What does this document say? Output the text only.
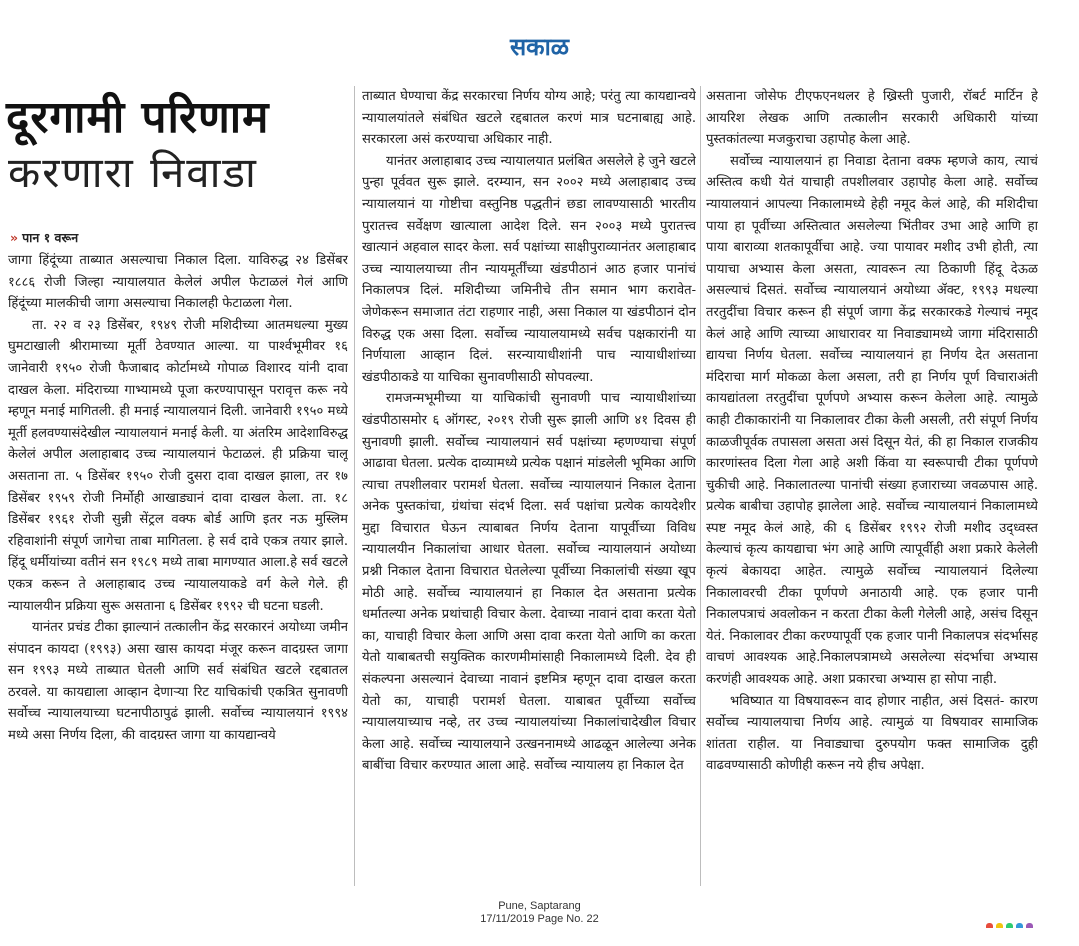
सकाळ
दूरगामी परिणाम
करणारा निवाडा
» पान १ वरून

जागा हिंदूंच्या ताब्यात असल्याचा निकाल दिला. याविरुद्ध २४ डिसेंबर १८८६ रोजी जिल्हा न्यायालयात केलेलं अपील फेटाळलं गेलं आणि हिंदूंच्या मालकीची जागा असल्याचा निकालही फेटाळला गेला.

ता. २२ व २३ डिसेंबर, १९४९ रोजी मशिदीच्या आतमधल्या मुख्य घुमटाखाली श्रीरामाच्या मूर्ती ठेवण्यात आल्या. या पार्श्वभूमीवर १६ जानेवारी १९५० रोजी फैजाबाद कोर्टामध्ये गोपाळ विशारद यांनी दावा दाखल केला. मंदिराच्या गाभ्यामध्ये पूजा करण्यापासून परावृत्त करू नये म्हणून मनाई मागितली. ही मनाई न्यायालयानं दिली. जानेवारी १९५० मध्ये मूर्ती हलवण्यासंदेखील न्यायालयानं मनाई केली. या अंतरिम आदेशाविरुद्ध केलेलं अपील अलाहाबाद उच्च न्यायालयानं फेटाळलं. ही प्रक्रिया चालू असताना ता. ५ डिसेंबर १९५० रोजी दुसरा दावा दाखल झाला, तर १७ डिसेंबर १९५९ रोजी निर्मोही आखाड्यानं दावा दाखल केला. ता. १८ डिसेंबर १९६१ रोजी सुन्नी सेंट्रल वक्फ बोर्ड आणि इतर नऊ मुस्लिम रहिवाशांनी संपूर्ण जागेचा ताबा मागितला. हे सर्व दावे एकत्र तयार झाले. हिंदू धर्मीयांच्या वतीनं सन १९८९ मध्ये ताबा मागण्यात आला.हे सर्व खटले एकत्र करून ते अलाहाबाद उच्च न्यायालयाकडे वर्ग केले गेले. ही न्यायालयीन प्रक्रिया सुरू असताना ६ डिसेंबर १९९२ ची घटना घडली.

यानंतर प्रचंड टीका झाल्यानं तत्कालीन केंद्र सरकारनं अयोध्या जमीन संपादन कायदा (१९९३) असा खास कायदा मंजूर करून वादग्रस्त जागा सन १९९३ मध्ये ताब्यात घेतली आणि सर्व संबंधित खटले रद्दबातल ठरवले. या कायद्याला आव्हान देणाऱ्या रिट याचिकांची एकत्रित सुनावणी सर्वोच्च न्यायालयाच्या घटनापीठापुढं झाली. सर्वोच्च न्यायालयानं १९९४ मध्ये असा निर्णय दिला, की वादग्रस्त जागा या कायद्यान्वये

ताब्यात घेण्याचा केंद्र सरकारचा निर्णय योग्य आहे; परंतु त्या कायद्यान्वये न्यायालयांतले संबंधित खटले रद्दबातल करणं मात्र घटनाबाह्य आहे. सरकारला असं करण्याचा अधिकार नाही.

यानंतर अलाहाबाद उच्च न्यायालयात प्रलंबित असलेले हे जुने खटले पुन्हा पूर्ववत सुरू झाले. दरम्यान, सन २००२ मध्ये अलाहाबाद उच्च न्यायालयानं या गोष्टीचा वस्तुनिष्ठ पद्धतीनं छडा लावण्यासाठी भारतीय पुरातत्त्व सर्वेक्षण खात्याला आदेश दिले. सन २००३ मध्ये पुरातत्त्व खात्यानं अहवाल सादर केला. सर्व पक्षांच्या साक्षीपुराव्यानंतर अलाहाबाद उच्च न्यायालयाच्या तीन न्यायमूर्तींच्या खंडपीठानं आठ हजार पानांचं निकालपत्र दिलं. मशिदीच्या जमिनीचे तीन समान भाग करावेत- जेणेकरून समाजात तंटा राहणार नाही, असा निकाल या खंडपीठानं दोन विरुद्ध एक असा दिला. सर्वोच्च न्यायालयामध्ये सर्वच पक्षकारांनी या निर्णयाला आव्हान दिलं. सरन्यायाधीशांनी पाच न्यायाधीशांच्या खंडपीठाकडे या याचिका सुनावणीसाठी सोपवल्या.

रामजन्मभूमीच्या या याचिकांची सुनावणी पाच न्यायाधीशांच्या खंडपीठासमोर ६ ऑगस्ट, २०१९ रोजी सुरू झाली आणि ४१ दिवस ही सुनावणी झाली. सर्वोच्च न्यायालयानं सर्व पक्षांच्या म्हणण्याचा संपूर्ण आढावा घेतला. प्रत्येक दाव्यामध्ये प्रत्येक पक्षानं मांडलेली भूमिका आणि त्याचा तपशीलवार परामर्श घेतला. सर्वोच्च न्यायालयानं निकाल देताना अनेक पुस्तकांचा, ग्रंथांचा संदर्भ दिला. सर्व पक्षांचा प्रत्येक कायदेशीर मुद्दा विचारात घेऊन त्याबाबत निर्णय देताना यापूर्वीच्या विविध न्यायालयीन निकालांचा आधार घेतला. सर्वोच्च न्यायालयानं अयोध्या प्रश्नी निकाल देताना विचारात घेतलेल्या पूर्वीच्या निकालांची संख्या खूप मोठी आहे. सर्वोच्च न्यायालयानं हा निकाल देत असताना प्रत्येक धर्मातल्या अनेक प्रथांचाही विचार केला. देवाच्या नावानं दावा करता येतो का, याचाही विचार केला आणि असा दावा करता येतो आणि का करता येतो याबाबतची सयुक्तिक कारणमीमांसाही निकालामध्ये दिली. देव ही संकल्पना असल्यानं देवाच्या नावानं इष्टमित्र म्हणून दावा दाखल करता येतो का, याचाही परामर्श घेतला. याबाबत पूर्वीच्या सर्वोच्च न्यायालयाच्याच नव्हे, तर उच्च न्यायालयांच्या निकालांचादेखील विचार केला आहे. सर्वोच्च न्यायालयाने उत्खननामध्ये आढळून आलेल्या अनेक बाबींचा विचार करण्यात आला आहे. सर्वोच्च न्यायालय हा निकाल देत

असताना जोसेफ टीएफएनथलर हे ख्रिस्ती पुजारी, रॉबर्ट मार्टिन हे आयरिश लेखक आणि तत्कालीन सरकारी अधिकारी यांच्या पुस्तकांतल्या मजकुराचा उहापोह केला आहे.

सर्वोच्च न्यायालयानं हा निवाडा देताना वक्फ म्हणजे काय, त्याचं अस्तित्व कधी येतं याचाही तपशीलवार उहापोह केला आहे. सर्वोच्च न्यायालयानं आपल्या निकालामध्ये हेही नमूद केलं आहे, की मशिदीचा पाया हा पूर्वीच्या अस्तित्वात असलेल्या भिंतीवर उभा आहे आणि हा पाया बाराव्या शतकापूर्वीचा आहे. ज्या पायावर मशीद उभी होती, त्या पायाचा अभ्यास केला असता, त्यावरून त्या ठिकाणी हिंदू देऊळ असल्याचं दिसतं. सर्वोच्च न्यायालयानं अयोध्या ॲक्ट, १९९३ मधल्या तरतुदींचा विचार करून ही संपूर्ण जागा केंद्र सरकारकडे गेल्याचं नमूद केलं आहे आणि त्याच्या आधारावर या निवाड्यामध्ये जागा मंदिरासाठी द्यायचा निर्णय घेतला. सर्वोच्च न्यायालयानं हा निर्णय देत असताना मंदिराचा मार्ग मोकळा केला असला, तरी हा निर्णय पूर्ण विचाराअंती कायद्यांतला तरतुदींचा पूर्णपणे अभ्यास करून केलेला आहे. त्यामुळे काही टीकाकारांनी या निकालावर टीका केली असली, तरी संपूर्ण निर्णय काळजीपूर्वक तपासला असता असं दिसून येतं, की हा निकाल राजकीय कारणांस्तव दिला गेला आहे अशी किंवा या स्वरूपाची टीका पूर्णपणे चुकीची आहे. निकालातल्या पानांची संख्या हजाराच्या जवळपास आहे. प्रत्येक बाबीचा उहापोह झालेला आहे. सर्वोच्च न्यायालयानं निकालामध्ये स्पष्ट नमूद केलं आहे, की ६ डिसेंबर १९९२ रोजी मशीद उद्‌ध्वस्त केल्याचं कृत्य कायद्याचा भंग आहे आणि त्यापूर्वीही अशा प्रकारे केलेली कृत्यं बेकायदा आहेत. त्यामुळे सर्वोच्च न्यायालयानं दिलेल्या निकालावरची टीका पूर्णपणे अनाठायी आहे. एक हजार पानी निकालपत्राचं अवलोकन न करता टीका केली गेलेली आहे, असंच दिसून येतं. निकालावर टीका करण्यापूर्वी एक हजार पानी निकालपत्र संदर्भासह वाचणं आवश्यक आहे.निकालपत्रामध्ये असलेल्या संदर्भाचा अभ्यास करणंही आवश्यक आहे. अशा प्रकारचा अभ्यास हा सोपा नाही.

भविष्यात या विषयावरून वाद होणार नाहीत, असं दिसतं- कारण सर्वोच्च न्यायालयाचा निर्णय आहे. त्यामुळं या विषयावर सामाजिक शांतता राहील. या निवाड्याचा दुरुपयोग फक्त सामाजिक दुही वाढवण्यासाठी कोणीही करून नये हीच अपेक्षा.

Pune, Saptarang
17/11/2019 Page No. 22
